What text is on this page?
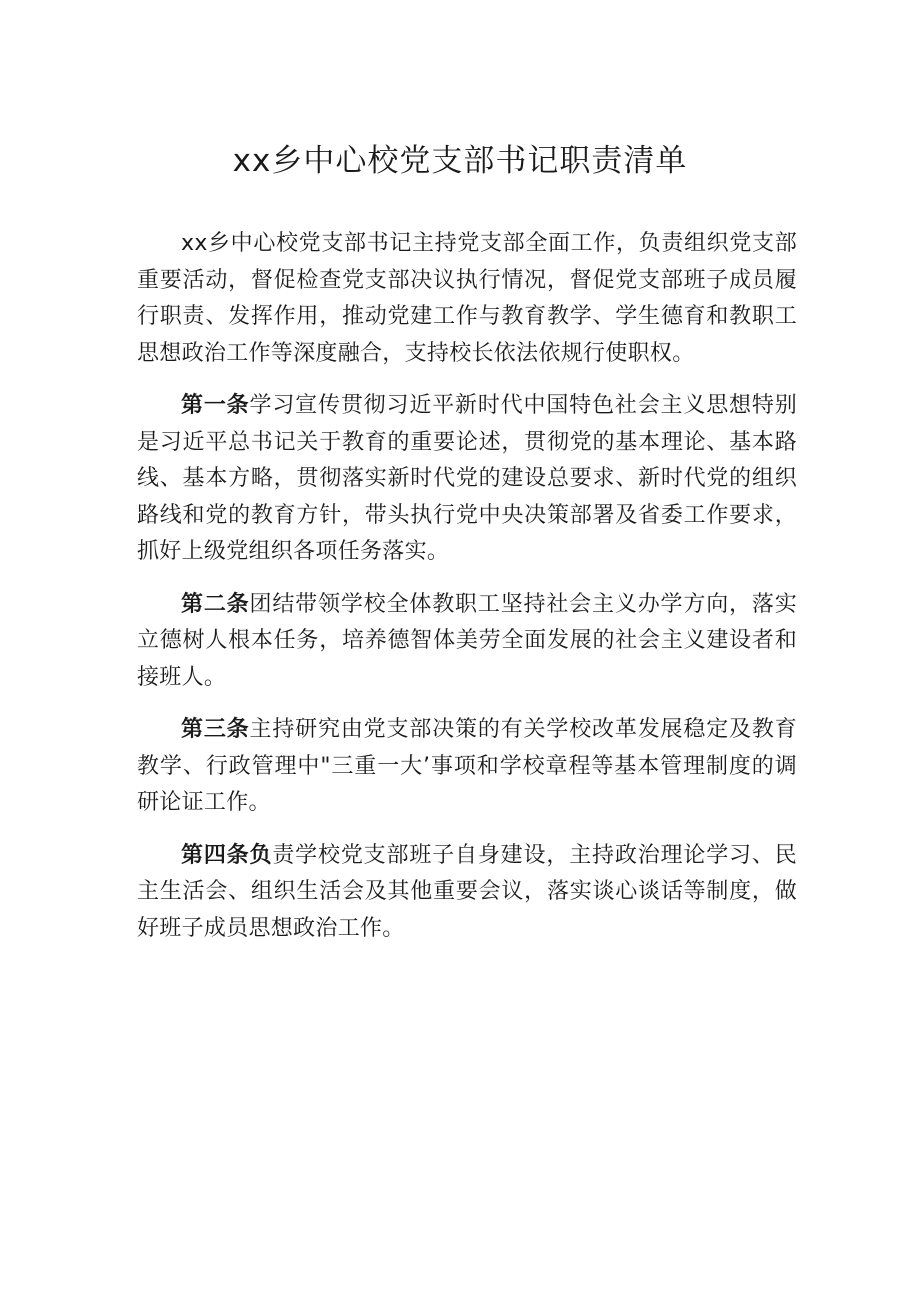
xx乡中心校党支部书记职责清单

xx乡中心校党支部书记主持党支部全面工作，负责组织党支部重要活动，督促检查党支部决议执行情况，督促党支部班子成员履行职责、发挥作用，推动党建工作与教育教学、学生德育和教职工思想政治工作等深度融合，支持校长依法依规行使职权。

第一条学习宣传贯彻习近平新时代中国特色社会主义思想特别是习近平总书记关于教育的重要论述，贯彻党的基本理论、基本路线、基本方略，贯彻落实新时代党的建设总要求、新时代党的组织路线和党的教育方针，带头执行党中央决策部署及省委工作要求，抓好上级党组织各项任务落实。

第二条团结带领学校全体教职工坚持社会主义办学方向，落实立德树人根本任务，培养德智体美劳全面发展的社会主义建设者和接班人。

第三条主持研究由党支部决策的有关学校改革发展稳定及教育教学、行政管理中"三重一大’事项和学校章程等基本管理制度的调研论证工作。

第四条负责学校党支部班子自身建设，主持政治理论学习、民主生活会、组织生活会及其他重要会议，落实谈心谈话等制度，做好班子成员思想政治工作。
